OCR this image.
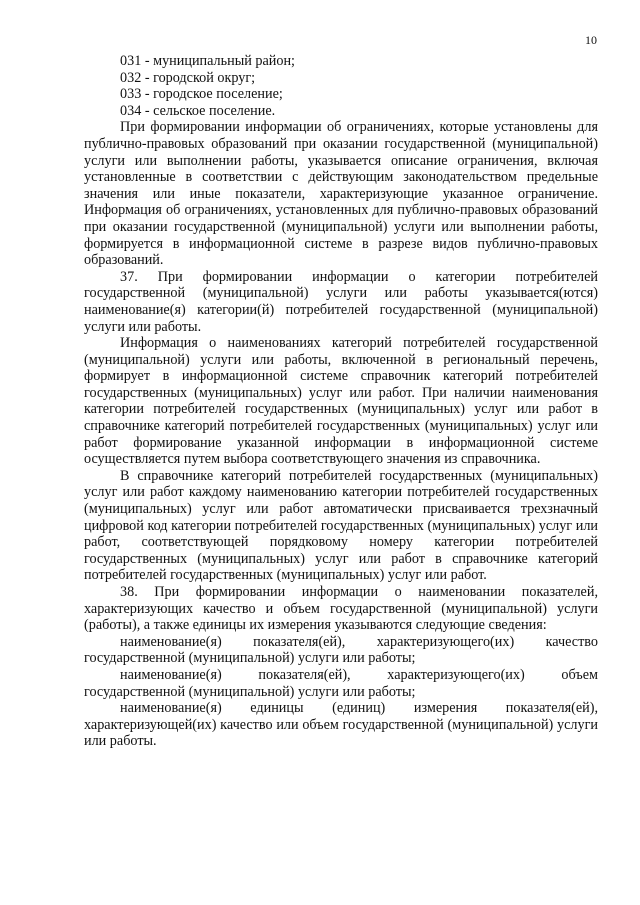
10

031 - муниципальный район;

032 - городской округ;

033 - городское поселение;

034 - сельское поселение.

При формировании информации об ограничениях, которые установлены для публично-правовых образований при оказании государственной (муниципальной) услуги или выполнении работы, указывается описание ограничения, включая установленные в соответствии с действующим законодательством предельные значения или иные показатели, характеризующие указанное ограничение. Информация об ограничениях, установленных для публично-правовых образований при оказании государственной (муниципальной) услуги или выполнении работы, формируется в информационной системе в разрезе видов публично-правовых образований.

37. При формировании информации о категории потребителей государственной (муниципальной) услуги или работы указывается(ются) наименование(я) категории(й) потребителей государственной (муниципальной) услуги или работы.

Информация о наименованиях категорий потребителей государственной (муниципальной) услуги или работы, включенной в региональный перечень, формирует в информационной системе справочник категорий потребителей государственных (муниципальных) услуг или работ. При наличии наименования категории потребителей государственных (муниципальных) услуг или работ в справочнике категорий потребителей государственных (муниципальных) услуг или работ формирование указанной информации в информационной системе осуществляется путем выбора соответствующего значения из справочника.

В справочнике категорий потребителей государственных (муниципальных) услуг или работ каждому наименованию категории потребителей государственных (муниципальных) услуг или работ автоматически присваивается трехзначный цифровой код категории потребителей государственных (муниципальных) услуг или работ, соответствующей порядковому номеру категории потребителей государственных (муниципальных) услуг или работ в справочнике категорий потребителей государственных (муниципальных) услуг или работ.

38. При формировании информации о наименовании показателей, характеризующих качество и объем государственной (муниципальной) услуги (работы), а также единицы их измерения указываются следующие сведения:

наименование(я) показателя(ей), характеризующего(их) качество государственной (муниципальной) услуги или работы;

наименование(я) показателя(ей), характеризующего(их) объем государственной (муниципальной) услуги или работы;

наименование(я) единицы (единиц) измерения показателя(ей), характеризующей(их) качество или объем государственной (муниципальной) услуги или работы.
